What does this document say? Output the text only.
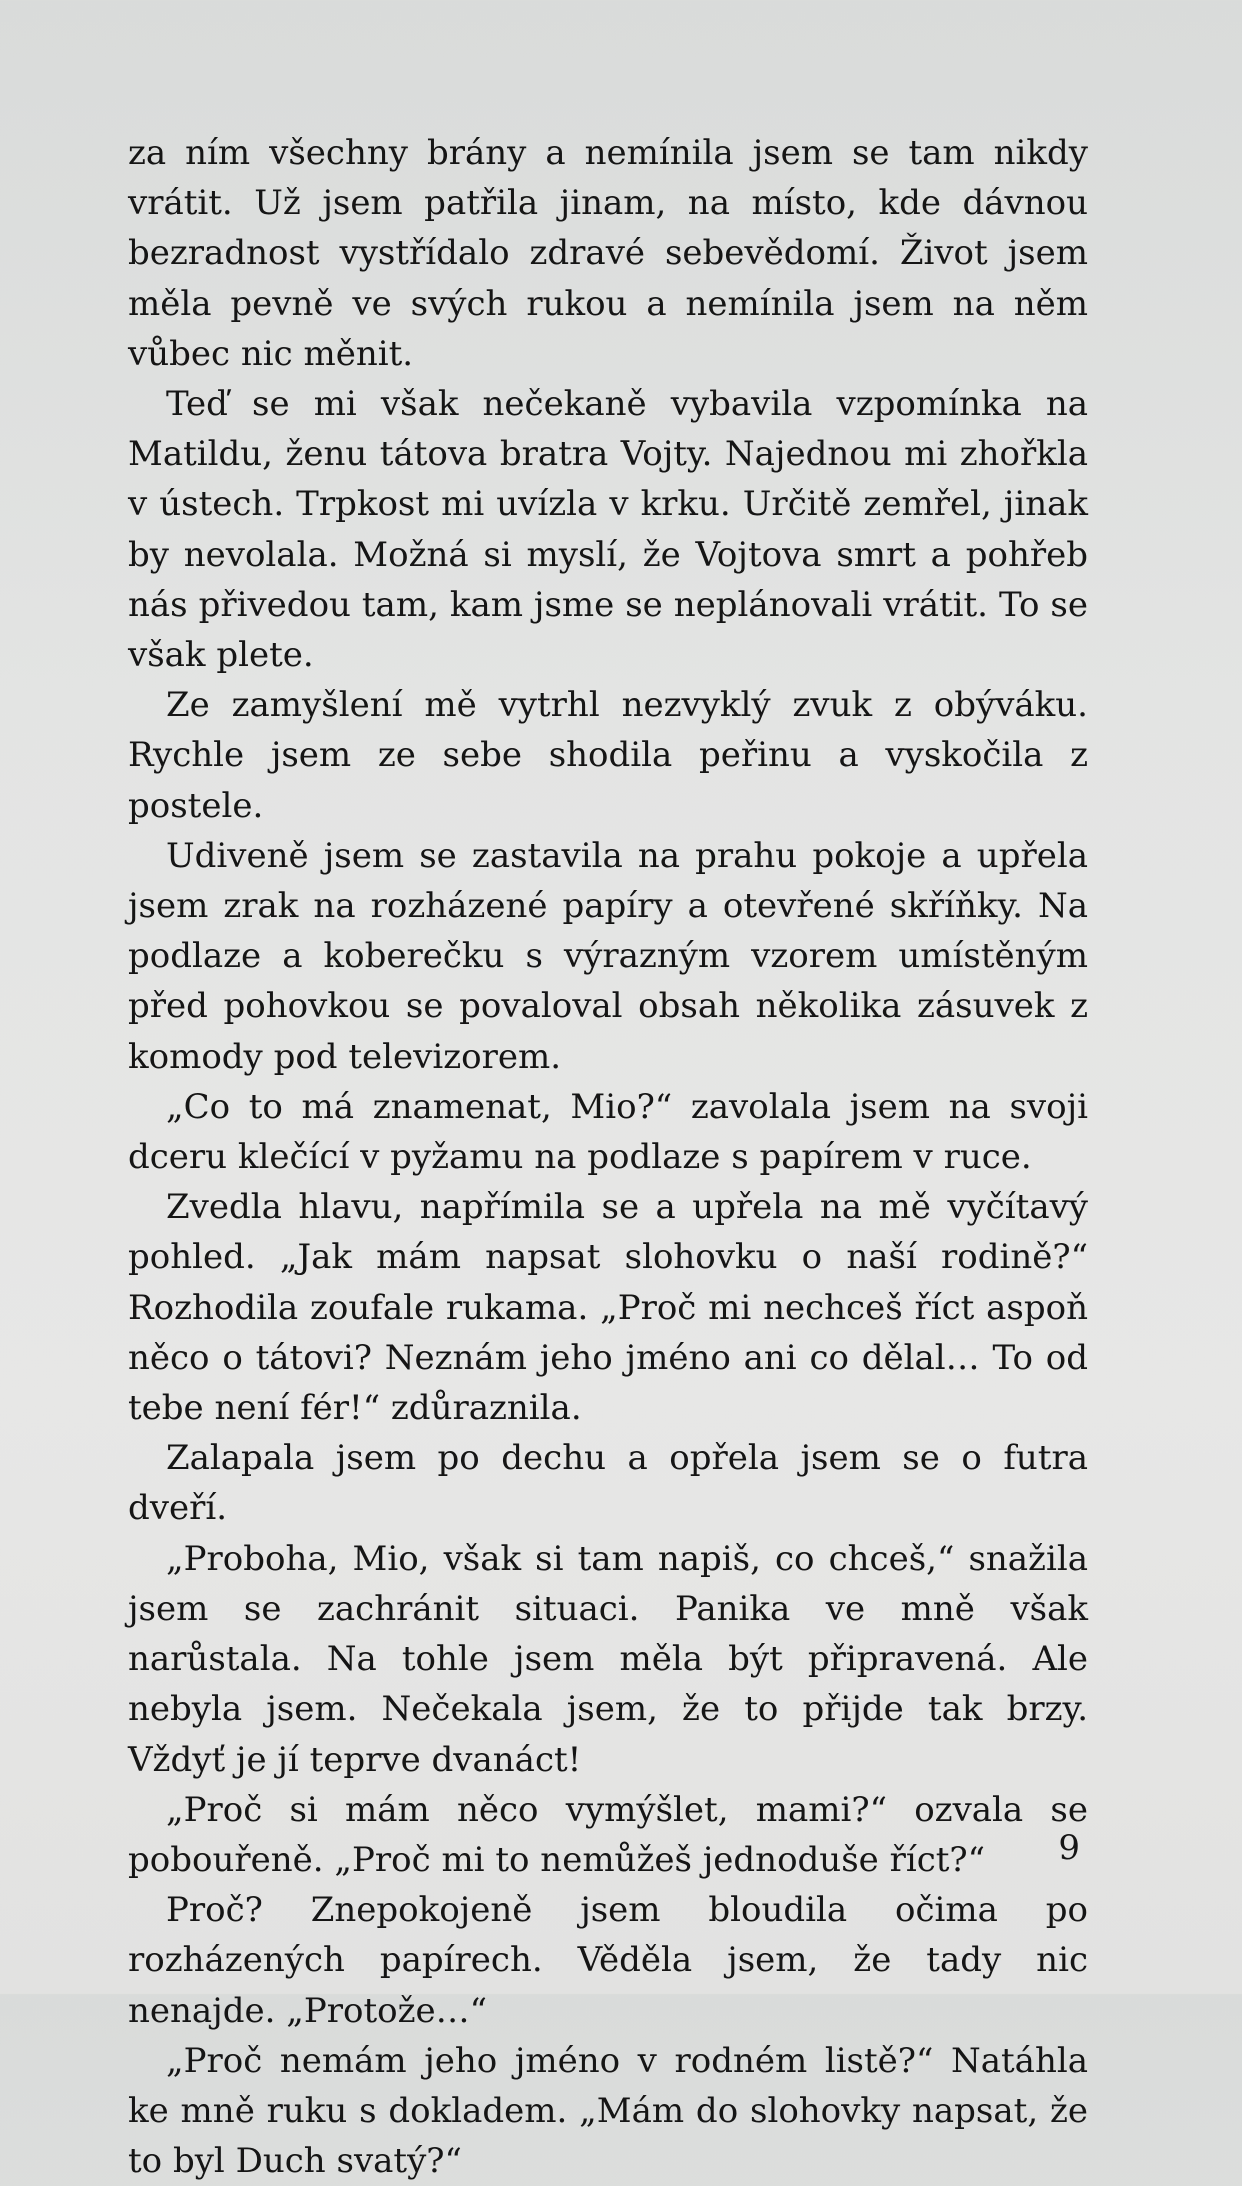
za ním všechny brány a nemínila jsem se tam nikdy vrátit. Už jsem patřila jinam, na místo, kde dávnou bezradnost vystřídalo zdravé sebevědomí. Život jsem měla pevně ve svých rukou a nemínila jsem na něm vůbec nic měnit.

Teď se mi však nečekaně vybavila vzpomínka na Matildu, ženu tátova bratra Vojty. Najednou mi zhořkla v ústech. Trpkost mi uvízla v krku. Určitě zemřel, jinak by nevolala. Možná si myslí, že Vojtova smrt a pohřeb nás přivedou tam, kam jsme se neplánovali vrátit. To se však plete.

Ze zamyšlení mě vytrhl nezvyklý zvuk z obýváku. Rychle jsem ze sebe shodila peřinu a vyskočila z postele.

Udiveně jsem se zastavila na prahu pokoje a upřela jsem zrak na rozházené papíry a otevřené skříňky. Na podlaze a koberečku s výrazným vzorem umístěným před pohovkou se povaloval obsah několika zásuvek z komody pod televizorem.

„Co to má znamenat, Mio?“ zavolala jsem na svoji dceru klečící v pyžamu na podlaze s papírem v ruce.

Zvedla hlavu, napřímila se a upřela na mě vyčítavý pohled. „Jak mám napsat slohovku o naší rodině?“ Rozhodila zoufale rukama. „Proč mi nechceš říct aspoň něco o tátovi? Neznám jeho jméno ani co dělal… To od tebe není fér!“ zdůraznila.

Zalapala jsem po dechu a opřela jsem se o futra dveří.

„Proboha, Mio, však si tam napiš, co chceš,“ snažila jsem se zachránit situaci. Panika ve mně však narůstala. Na tohle jsem měla být připravená. Ale nebyla jsem. Nečekala jsem, že to přijde tak brzy. Vždyť je jí teprve dvanáct!

„Proč si mám něco vymýšlet, mami?“ ozvala se pobouřeně. „Proč mi to nemůžeš jednoduše říct?“

Proč? Znepokojeně jsem bloudila očima po rozházených papírech. Věděla jsem, že tady nic nenajde. „Protože…“

„Proč nemám jeho jméno v rodném listě?“ Natáhla ke mně ruku s dokladem. „Mám do slohovky napsat, že to byl Duch svatý?“

9
